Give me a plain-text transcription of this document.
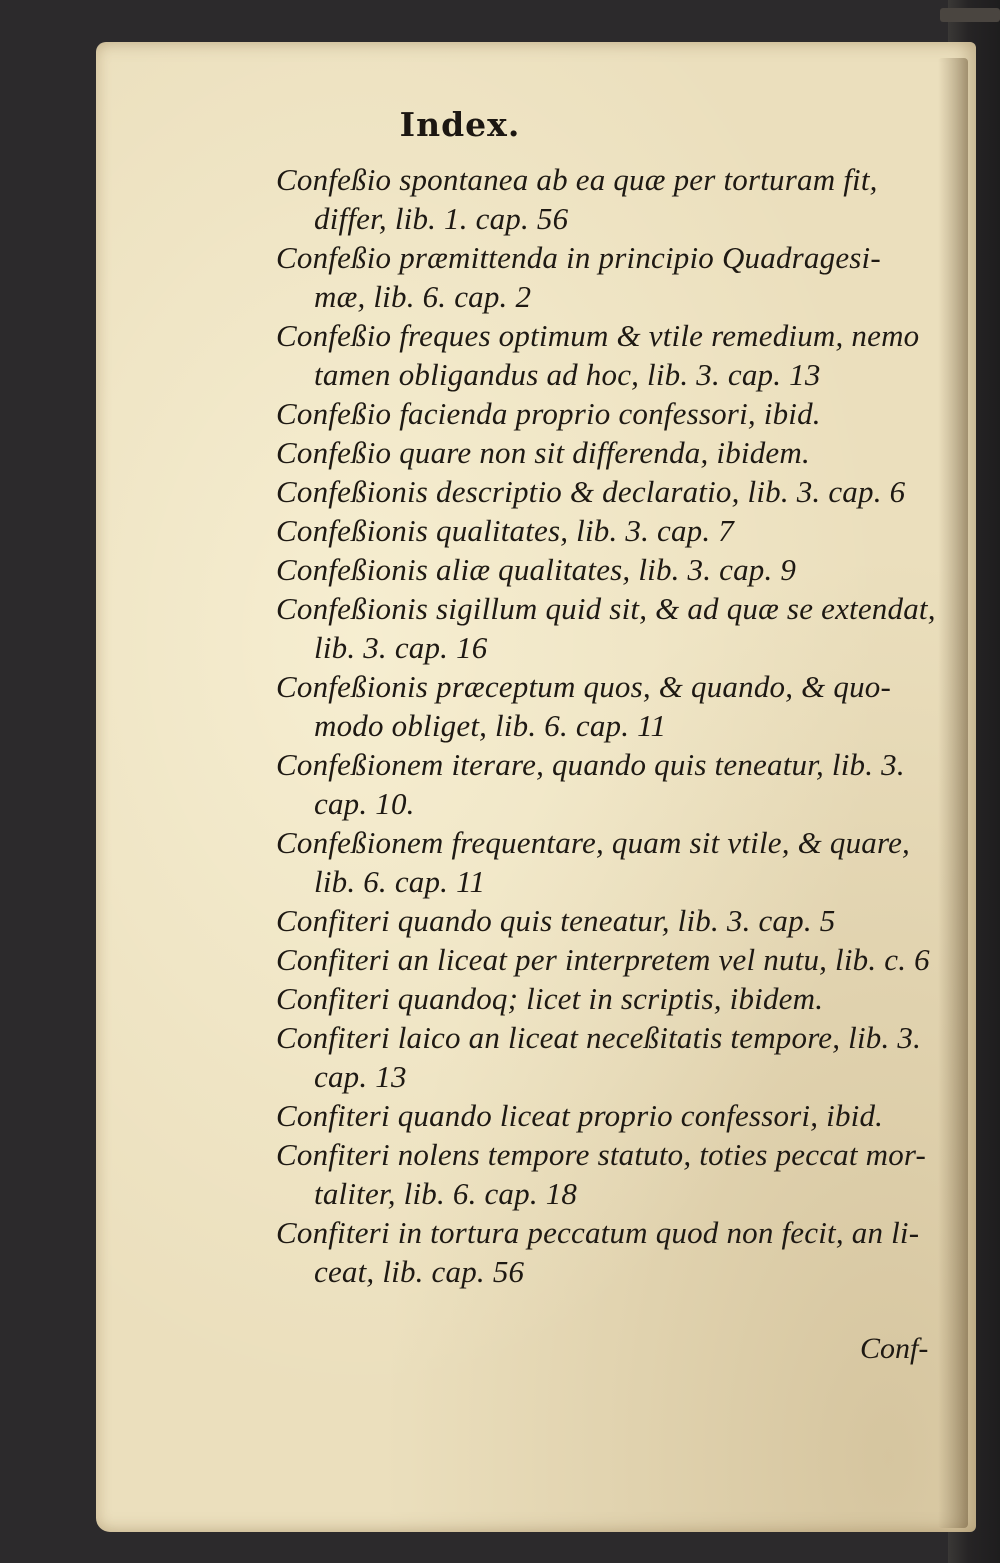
Index.

Confeßio spontanea ab ea quæ per torturam fit,
differ, lib. 1. cap. 56

Confeßio præmittenda in principio Quadragesi-
mæ, lib. 6. cap. 2

Confeßio freques optimum & vtile remedium, nemo
tamen obligandus ad hoc, lib. 3. cap. 13

Confeßio facienda proprio confessori, ibid.

Confeßio quare non sit differenda, ibidem.

Confeßionis descriptio & declaratio, lib. 3. cap. 6

Confeßionis qualitates, lib. 3. cap. 7

Confeßionis aliæ qualitates, lib. 3. cap. 9

Confeßionis sigillum quid sit, & ad quæ se extendat,
lib. 3. cap. 16

Confeßionis præceptum quos, & quando, & quo-
modo obliget, lib. 6. cap. 11

Confeßionem iterare, quando quis teneatur, lib. 3.
cap. 10.

Confeßionem frequentare, quam sit vtile, & quare,
lib. 6. cap. 11

Confiteri quando quis teneatur, lib. 3. cap. 5

Confiteri an liceat per interpretem vel nutu, lib. c. 6

Confiteri quandoq; licet in scriptis, ibidem.

Confiteri laico an liceat neceßitatis tempore, lib. 3.
cap. 13

Confiteri quando liceat proprio confessori, ibid.

Confiteri nolens tempore statuto, toties peccat mor-
taliter, lib. 6. cap. 18

Confiteri in tortura peccatum quod non fecit, an li-
ceat, lib. cap. 56

Conf-
